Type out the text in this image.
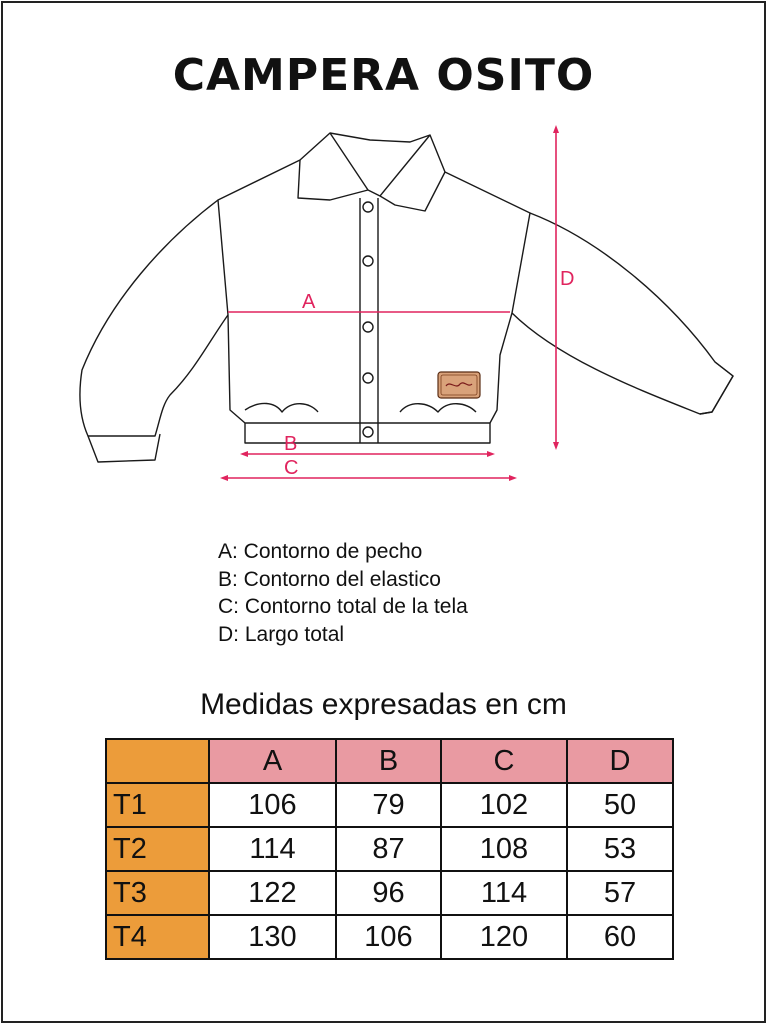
CAMPERA OSITO
A
B
C
D
A: Contorno de pecho
B: Contorno del elastico
C: Contorno total de la tela
D: Largo total
Medidas expresadas en cm
	A	B	C	D
T1	106	79	102	50
T2	114	87	108	53
T3	122	96	114	57
T4	130	106	120	60
